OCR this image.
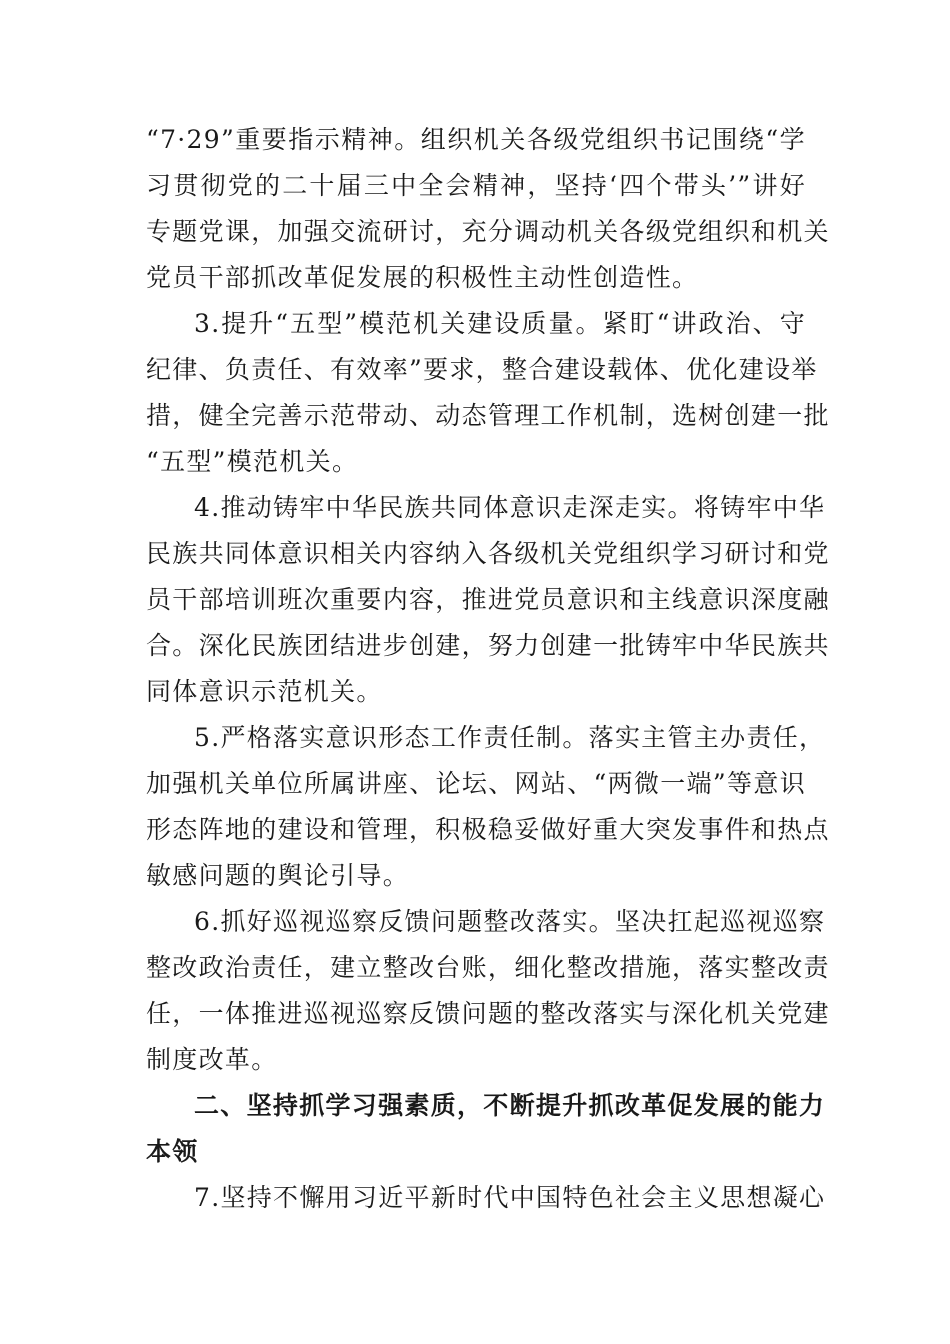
“7·29”重要指示精神。组织机关各级党组织书记围绕“学
习贯彻党的二十届三中全会精神，坚持‘四个带头’”讲好
专题党课，加强交流研讨，充分调动机关各级党组织和机关
党员干部抓改革促发展的积极性主动性创造性。
3.提升“五型”模范机关建设质量。紧盯“讲政治、守
纪律、负责任、有效率”要求，整合建设载体、优化建设举
措，健全完善示范带动、动态管理工作机制，选树创建一批
“五型”模范机关。
4.推动铸牢中华民族共同体意识走深走实。将铸牢中华
民族共同体意识相关内容纳入各级机关党组织学习研讨和党
员干部培训班次重要内容，推进党员意识和主线意识深度融
合。深化民族团结进步创建，努力创建一批铸牢中华民族共
同体意识示范机关。
5.严格落实意识形态工作责任制。落实主管主办责任，
加强机关单位所属讲座、论坛、网站、“两微一端”等意识
形态阵地的建设和管理，积极稳妥做好重大突发事件和热点
敏感问题的舆论引导。
6.抓好巡视巡察反馈问题整改落实。坚决扛起巡视巡察
整改政治责任，建立整改台账，细化整改措施，落实整改责
任，一体推进巡视巡察反馈问题的整改落实与深化机关党建
制度改革。
二、坚持抓学习强素质，不断提升抓改革促发展的能力
本领
7.坚持不懈用习近平新时代中国特色社会主义思想凝心
